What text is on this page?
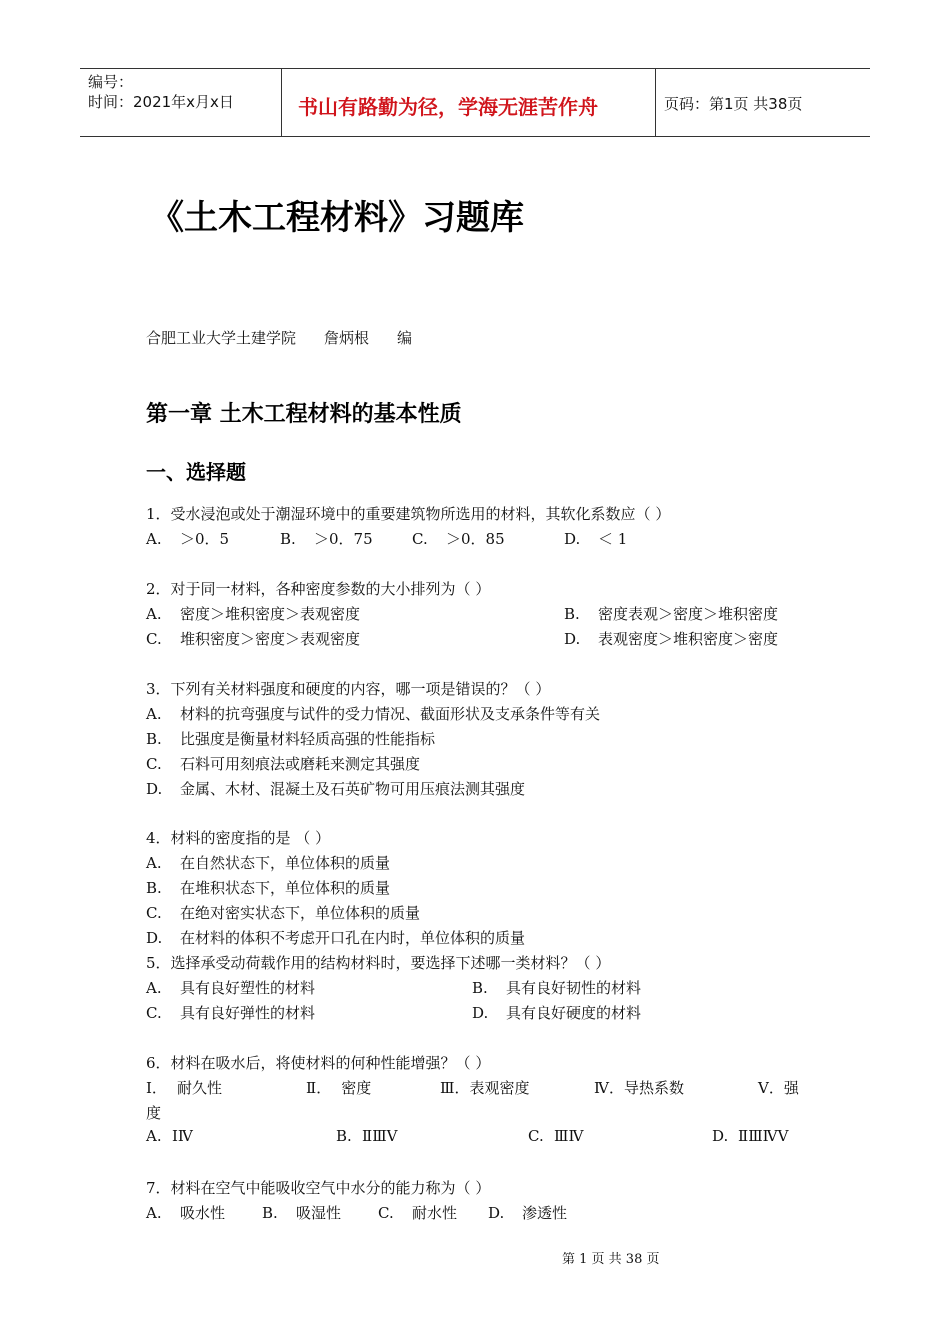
编号：
时间：2021年x月x日	书山有路勤为径，学海无涯苦作舟	页码：第1页 共38页
《土木工程材料》习题库
合肥工业大学土建学院 詹炳根 编
第一章 土木工程材料的基本性质
一、选择题
1．受水浸泡或处于潮湿环境中的重要建筑物所选用的材料，其软化系数应（ ）
A. ＞0．5	B. ＞0．75	C. ＞0．85	D. ＜ 1
2．对于同一材料，各种密度参数的大小排列为（ ）
A. 密度＞堆积密度＞表观密度	B. 密度表观＞密度＞堆积密度
C. 堆积密度＞密度＞表观密度	D. 表观密度＞堆积密度＞密度
3．下列有关材料强度和硬度的内容，哪一项是错误的？（ ）
A. 材料的抗弯强度与试件的受力情况、截面形状及支承条件等有关
B. 比强度是衡量材料轻质高强的性能指标
C. 石料可用刻痕法或磨耗来测定其强度
D. 金属、木材、混凝土及石英矿物可用压痕法测其强度
4．材料的密度指的是 （ ）
A. 在自然状态下，单位体积的质量
B. 在堆积状态下，单位体积的质量
C. 在绝对密实状态下，单位体积的质量
D. 在材料的体积不考虑开口孔在内时，单位体积的质量
5．选择承受动荷载作用的结构材料时，要选择下述哪一类材料？（ ）
A. 具有良好塑性的材料	B. 具有良好韧性的材料
C. 具有良好弹性的材料	D. 具有良好硬度的材料
6．材料在吸水后，将使材料的何种性能增强？（ ）
Ⅰ． 耐久性	Ⅱ． 密度	Ⅲ．表观密度	Ⅳ．导热系数	Ⅴ．强
度
A. ⅠⅣ	B. ⅡⅢⅤ	C. ⅢⅣ	D. ⅡⅢⅣⅤ
7．材料在空气中能吸收空气中水分的能力称为（ ）
A. 吸水性 B. 吸湿性 C. 耐水性 D. 渗透性
第 1 页 共 38 页
